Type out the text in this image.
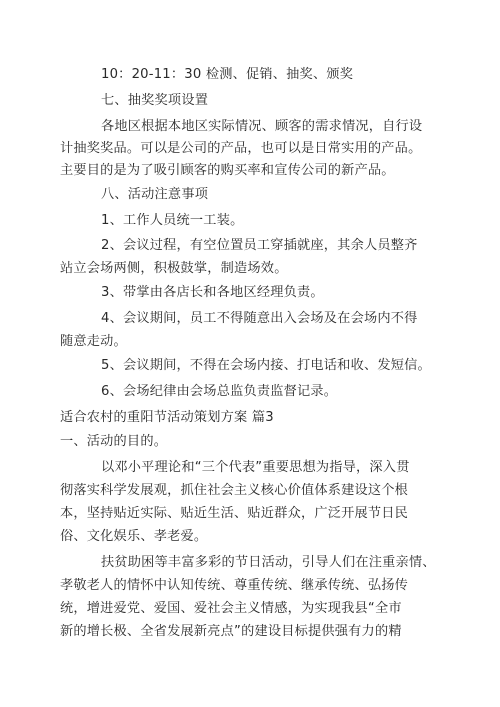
10：20-11：30 检测、促销、抽奖、颁奖
七、抽奖奖项设置
各地区根据本地区实际情况、顾客的需求情况，自行设
计抽奖奖品。可以是公司的产品，也可以是日常实用的产品。
主要目的是为了吸引顾客的购买率和宣传公司的新产品。
八、活动注意事项
1、工作人员统一工装。
2、会议过程，有空位置员工穿插就座，其余人员整齐
站立会场两侧，积极鼓掌，制造场效。
3、带掌由各店长和各地区经理负责。
4、会议期间，员工不得随意出入会场及在会场内不得
随意走动。
5、会议期间，不得在会场内接、打电话和收、发短信。
6、会场纪律由会场总监负责监督记录。
适合农村的重阳节活动策划方案 篇3
一、活动的目的。
以邓小平理论和“三个代表”重要思想为指导，深入贯
彻落实科学发展观，抓住社会主义核心价值体系建设这个根
本，坚持贴近实际、贴近生活、贴近群众，广泛开展节日民
俗、文化娱乐、孝老爱。
扶贫助困等丰富多彩的节日活动，引导人们在注重亲情、
孝敬老人的情怀中认知传统、尊重传统、继承传统、弘扬传
统，增进爱党、爱国、爱社会主义情感，为实现我县“全市
新的增长极、全省发展新亮点”的建设目标提供强有力的精
